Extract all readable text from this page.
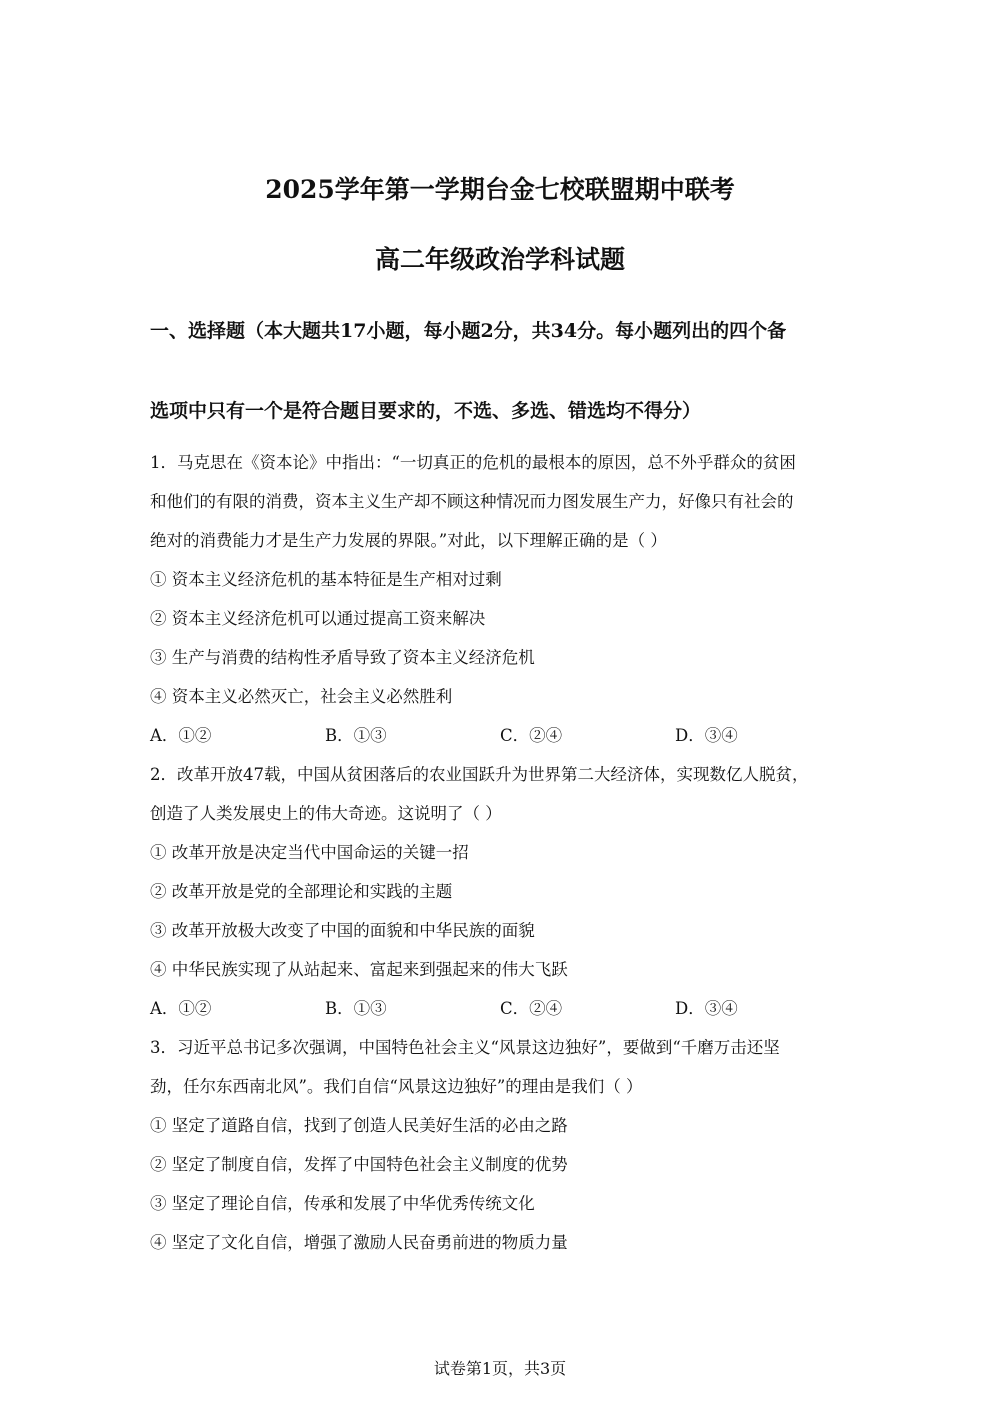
2025学年第一学期台金七校联盟期中联考
高二年级政治学科试题
一、选择题（本大题共17小题，每小题2分，共34分。每小题列出的四个备
选项中只有一个是符合题目要求的，不选、多选、错选均不得分）
1．马克思在《资本论》中指出：“一切真正的危机的最根本的原因，总不外乎群众的贫困
和他们的有限的消费，资本主义生产却不顾这种情况而力图发展生产力，好像只有社会的
绝对的消费能力才是生产力发展的界限。”对此，以下理解正确的是（ ）
① 资本主义经济危机的基本特征是生产相对过剩
② 资本主义经济危机可以通过提高工资来解决
③ 生产与消费的结构性矛盾导致了资本主义经济危机
④ 资本主义必然灭亡，社会主义必然胜利
A．①②	B．①③	C．②④	D．③④
2．改革开放47载，中国从贫困落后的农业国跃升为世界第二大经济体，实现数亿人脱贫，
创造了人类发展史上的伟大奇迹。这说明了（ ）
① 改革开放是决定当代中国命运的关键一招
② 改革开放是党的全部理论和实践的主题
③ 改革开放极大改变了中国的面貌和中华民族的面貌
④ 中华民族实现了从站起来、富起来到强起来的伟大飞跃
A．①②	B．①③	C．②④	D．③④
3．习近平总书记多次强调，中国特色社会主义“风景这边独好”，要做到“千磨万击还坚
劲，任尔东西南北风”。我们自信“风景这边独好”的理由是我们（ ）
① 坚定了道路自信，找到了创造人民美好生活的必由之路
② 坚定了制度自信，发挥了中国特色社会主义制度的优势
③ 坚定了理论自信，传承和发展了中华优秀传统文化
④ 坚定了文化自信，增强了激励人民奋勇前进的物质力量
试卷第1页，共3页
